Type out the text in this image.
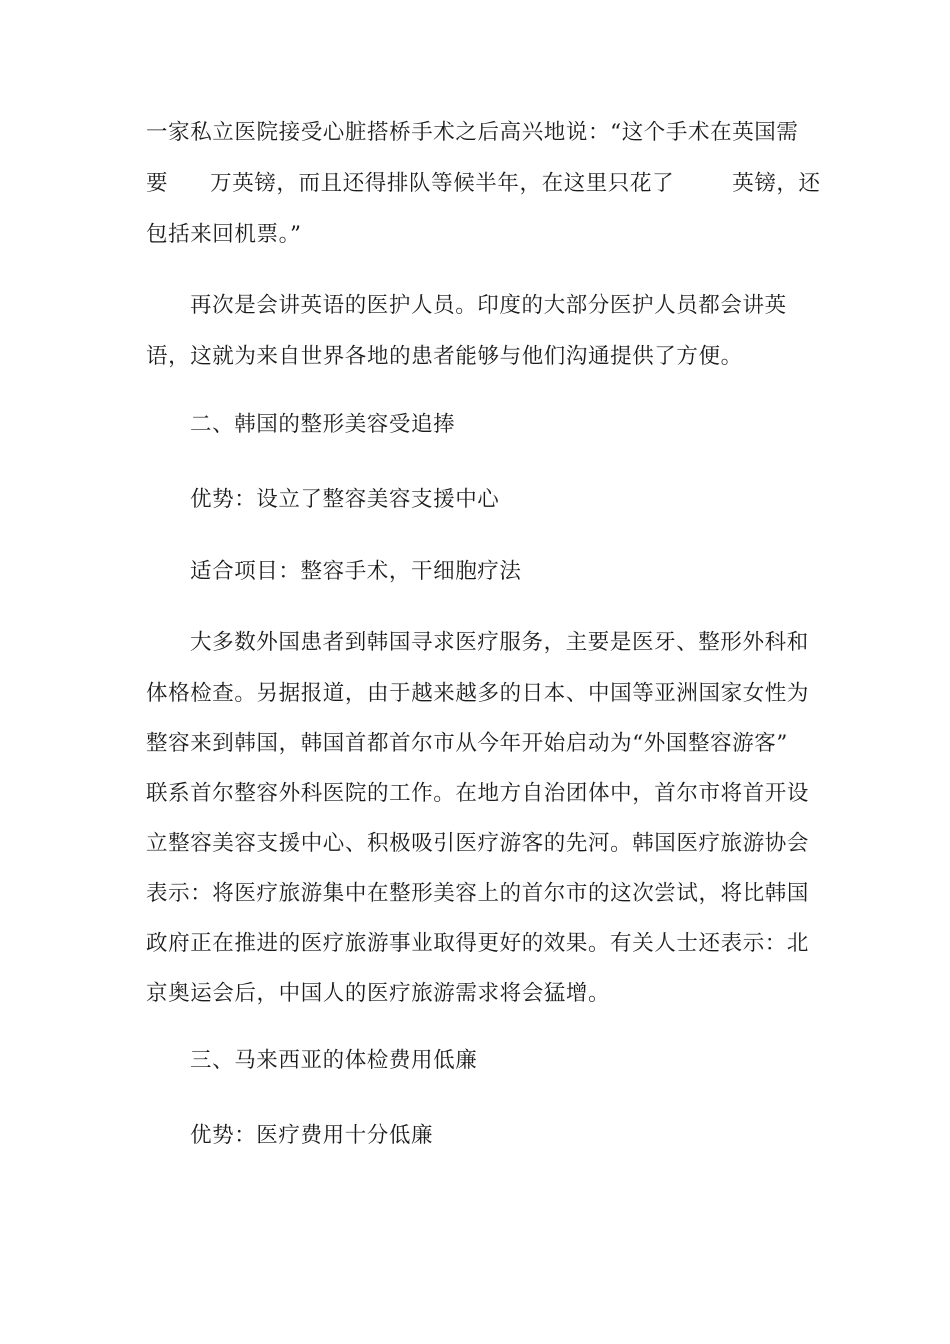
一家私立医院接受心脏搭桥手术之后高兴地说：“这个手术在英国需
要 万英镑，而且还得排队等候半年，在这里只花了	英镑，还
包括来回机票。”
再次是会讲英语的医护人员。印度的大部分医护人员都会讲英
语，这就为来自世界各地的患者能够与他们沟通提供了方便。
二、韩国的整形美容受追捧
优势：设立了整容美容支援中心
适合项目：整容手术，干细胞疗法
大多数外国患者到韩国寻求医疗服务，主要是医牙、整形外科和
体格检查。另据报道，由于越来越多的日本、中国等亚洲国家女性为
整容来到韩国，韩国首都首尔市从今年开始启动为“外国整容游客”
联系首尔整容外科医院的工作。在地方自治团体中，首尔市将首开设
立整容美容支援中心、积极吸引医疗游客的先河。韩国医疗旅游协会
表示：将医疗旅游集中在整形美容上的首尔市的这次尝试，将比韩国
政府正在推进的医疗旅游事业取得更好的效果。有关人士还表示：北
京奥运会后，中国人的医疗旅游需求将会猛增。
三、马来西亚的体检费用低廉
优势：医疗费用十分低廉
